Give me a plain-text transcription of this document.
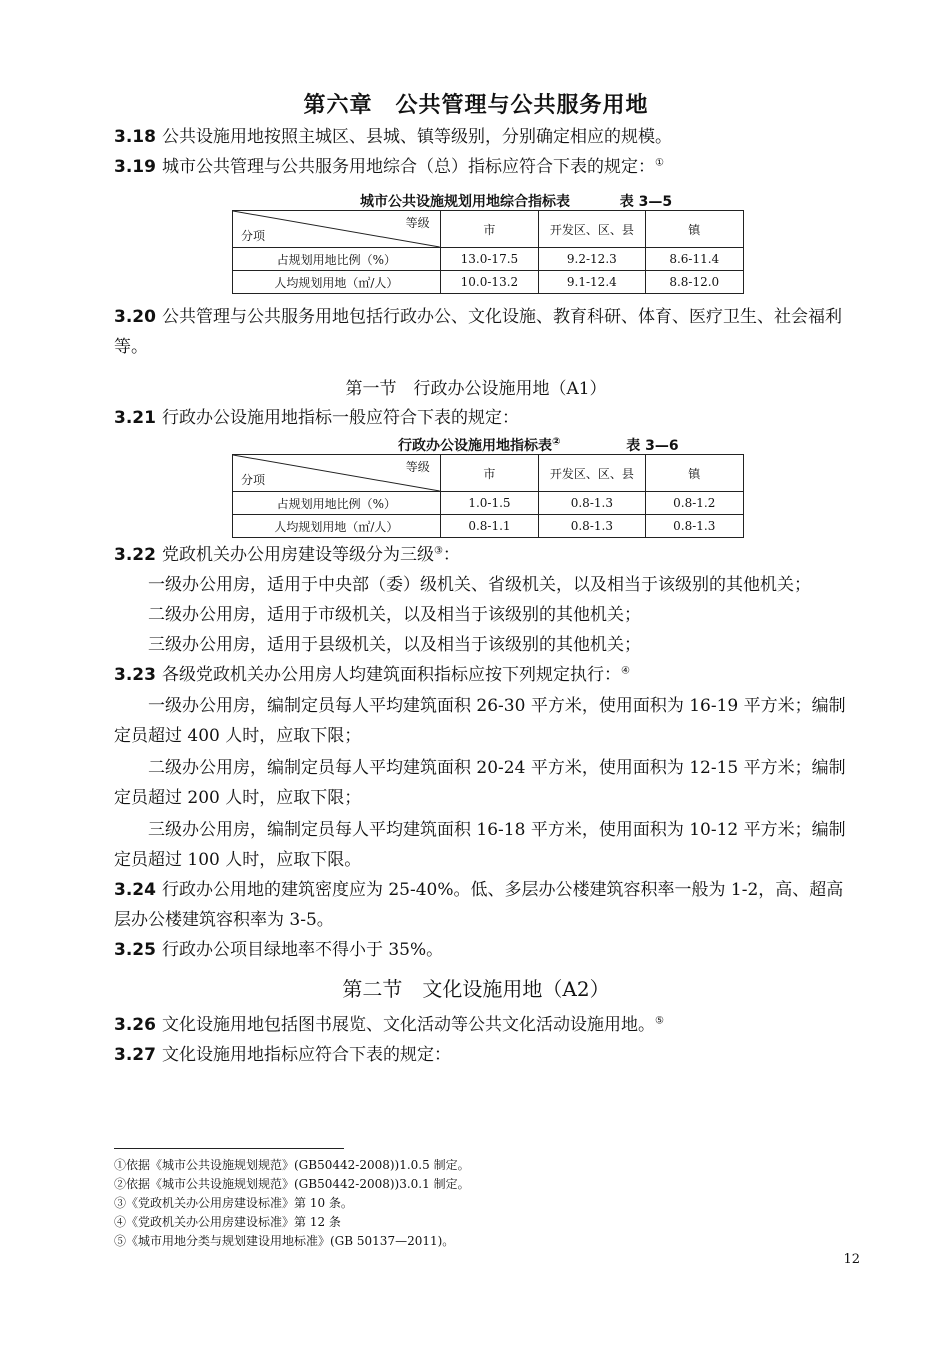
第六章　公共管理与公共服务用地
3.18 公共设施用地按照主城区、县城、镇等级别，分别确定相应的规模。
3.19 城市公共管理与公共服务用地综合（总）指标应符合下表的规定：①
城市公共设施规划用地综合指标表	表 3—5
等级
分项	市	开发区、区、县	镇
占规划用地比例（%）	13.0-17.5	9.2-12.3	8.6-11.4
人均规划用地（㎡/人）	10.0-13.2	9.1-12.4	8.8-12.0
3.20 公共管理与公共服务用地包括行政办公、文化设施、教育科研、体育、医疗卫生、社会福利等。
第一节　行政办公设施用地（A1）
3.21 行政办公设施用地指标一般应符合下表的规定：
行政办公设施用地指标表②	表 3—6
等级
分项	市	开发区、区、县	镇
占规划用地比例（%）	1.0-1.5	0.8-1.3	0.8-1.2
人均规划用地（㎡/人）	0.8-1.1	0.8-1.3	0.8-1.3
3.22 党政机关办公用房建设等级分为三级③：
一级办公用房，适用于中央部（委）级机关、省级机关，以及相当于该级别的其他机关；
二级办公用房，适用于市级机关，以及相当于该级别的其他机关；
三级办公用房，适用于县级机关，以及相当于该级别的其他机关；
3.23 各级党政机关办公用房人均建筑面积指标应按下列规定执行：④
一级办公用房，编制定员每人平均建筑面积 26-30 平方米，使用面积为 16-19 平方米；编制定员超过 400 人时，应取下限；
二级办公用房，编制定员每人平均建筑面积 20-24 平方米，使用面积为 12-15 平方米；编制定员超过 200 人时，应取下限；
三级办公用房，编制定员每人平均建筑面积 16-18 平方米，使用面积为 10-12 平方米；编制定员超过 100 人时，应取下限。
3.24 行政办公用地的建筑密度应为 25-40%。低、多层办公楼建筑容积率一般为 1-2，高、超高层办公楼建筑容积率为 3-5。
3.25 行政办公项目绿地率不得小于 35%。
第二节　文化设施用地（A2）
3.26 文化设施用地包括图书展览、文化活动等公共文化活动设施用地。⑤
3.27 文化设施用地指标应符合下表的规定：
①依据《城市公共设施规划规范》(GB50442-2008))1.0.5 制定。
②依据《城市公共设施规划规范》(GB50442-2008))3.0.1 制定。
③《党政机关办公用房建设标准》第 10 条。
④《党政机关办公用房建设标准》第 12 条
⑤《城市用地分类与规划建设用地标准》(GB 50137—2011)。
12
